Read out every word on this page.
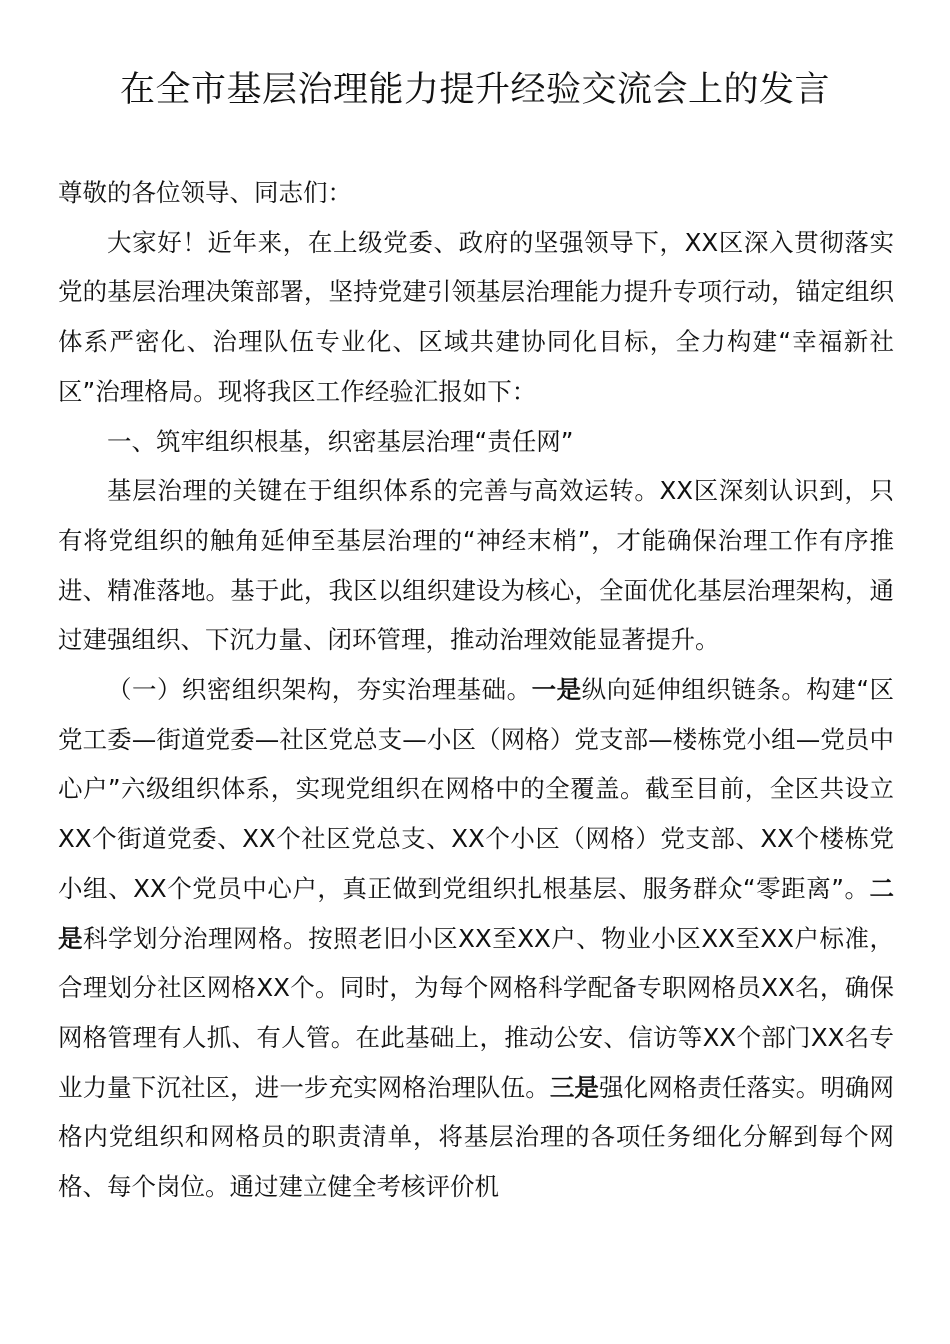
在全市基层治理能力提升经验交流会上的发言

尊敬的各位领导、同志们：

大家好！近年来，在上级党委、政府的坚强领导下，XX区深入贯彻落实党的基层治理决策部署，坚持党建引领基层治理能力提升专项行动，锚定组织体系严密化、治理队伍专业化、区域共建协同化目标，全力构建“幸福新社区”治理格局。现将我区工作经验汇报如下：

一、筑牢组织根基，织密基层治理“责任网”

基层治理的关键在于组织体系的完善与高效运转。XX区深刻认识到，只有将党组织的触角延伸至基层治理的“神经末梢”，才能确保治理工作有序推进、精准落地。基于此，我区以组织建设为核心，全面优化基层治理架构，通过建强组织、下沉力量、闭环管理，推动治理效能显著提升。

（一）织密组织架构，夯实治理基础。一是纵向延伸组织链条。构建“区党工委—街道党委—社区党总支—小区（网格）党支部—楼栋党小组—党员中心户”六级组织体系，实现党组织在网格中的全覆盖。截至目前，全区共设立XX个街道党委、XX个社区党总支、XX个小区（网格）党支部、XX个楼栋党小组、XX个党员中心户，真正做到党组织扎根基层、服务群众“零距离”。二是科学划分治理网格。按照老旧小区XX至XX户、物业小区XX至XX户标准，合理划分社区网格XX个。同时，为每个网格科学配备专职网格员XX名，确保网格管理有人抓、有人管。在此基础上，推动公安、信访等XX个部门XX名专业力量下沉社区，进一步充实网格治理队伍。三是强化网格责任落实。明确网格内党组织和网格员的职责清单，将基层治理的各项任务细化分解到每个网格、每个岗位。通过建立健全考核评价机
